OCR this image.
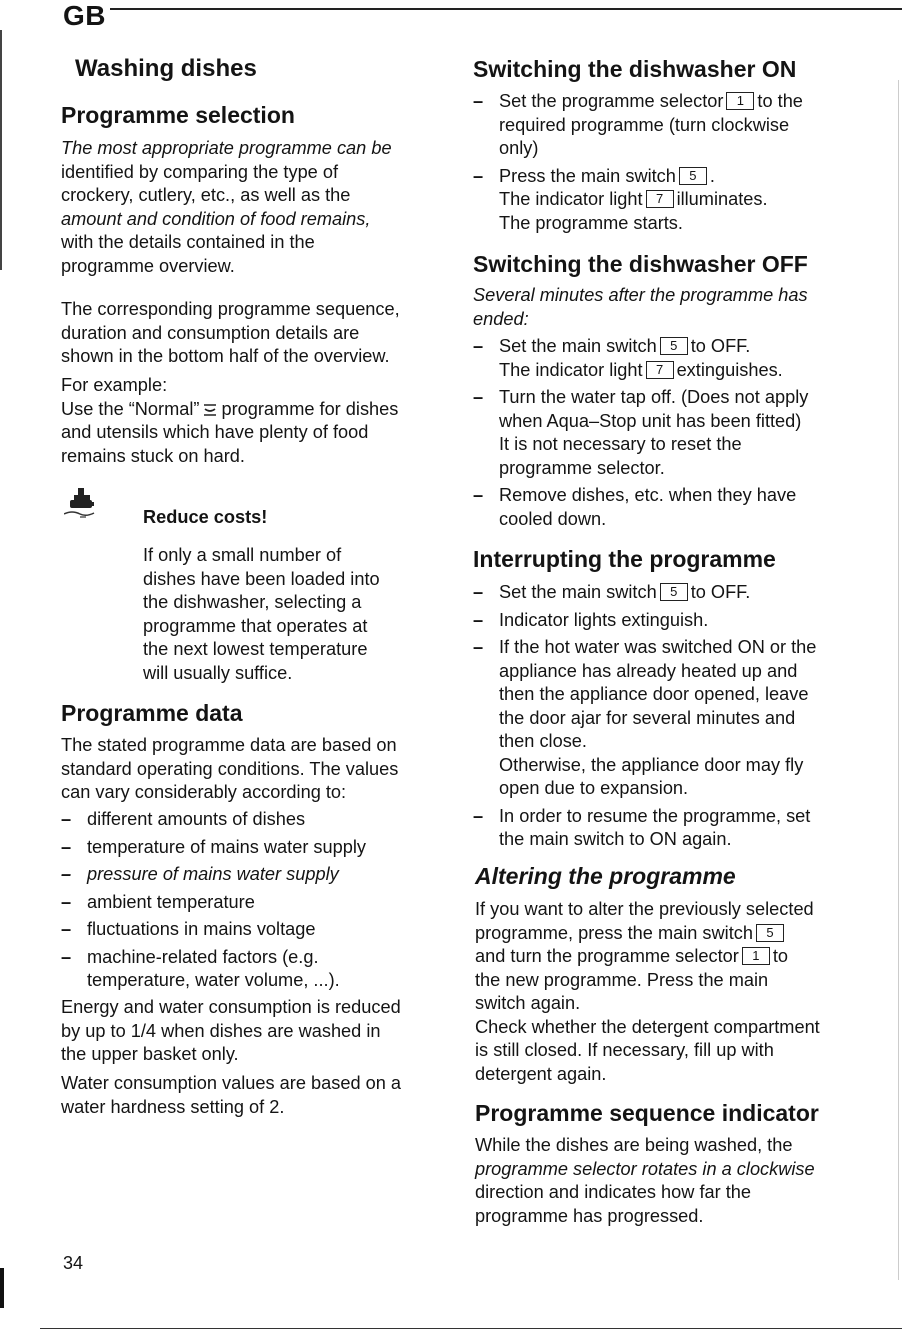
GB
Washing dishes
Programme selection

The most appropriate programme can be

identified by comparing the type of

crockery, cutlery, etc., as well as the

amount and condition of food remains,

with the details contained in the

programme overview.

The corresponding programme sequence,

duration and consumption details are

shown in the bottom half of the overview.

For example:

Use the “Normal” programme for dishes

and utensils which have plenty of food

remains stuck on hard.

Reduce costs!

If only a small number of

dishes have been loaded into

the dishwasher, selecting a

programme that operates at

the next lowest temperature

will usually suffice.

Programme data

The stated programme data are based on

standard operating conditions. The values

can vary considerably according to:

– different amounts of dishes
– temperature of mains water supply
– pressure of mains water supply
– ambient temperature
– fluctuations in mains voltage
– machine-related factors (e.g.
temperature, water volume, ...).

Energy and water consumption is reduced

by up to 1/4 when dishes are washed in

the upper basket only.

Water consumption values are based on a

water hardness setting of 2.

34
Switching the dishwasher ON
– Set the programme selector 1 to the
required programme (turn clockwise
only)
– Press the main switch 5 .
The indicator light 7 illuminates.
The programme starts.
Switching the dishwasher OFF

Several minutes after the programme has

ended:

– Set the main switch 5 to OFF.
The indicator light 7 extinguishes.
– Turn the water tap off. (Does not apply
when Aqua–Stop unit has been fitted)
It is not necessary to reset the
programme selector.
– Remove dishes, etc. when they have
cooled down.
Interrupting the programme
– Set the main switch 5 to OFF.
– Indicator lights extinguish.
– If the hot water was switched ON or the
appliance has already heated up and
then the appliance door opened, leave
the door ajar for several minutes and
then close.
Otherwise, the appliance door may fly
open due to expansion.
– In order to resume the programme, set
the main switch to ON again.
Altering the programme

If you want to alter the previously selected

programme, press the main switch 5

and turn the programme selector 1 to

the new programme. Press the main

switch again.

Check whether the detergent compartment

is still closed. If necessary, fill up with

detergent again.

Programme sequence indicator

While the dishes are being washed, the

programme selector rotates in a clockwise

direction and indicates how far the

programme has progressed.
